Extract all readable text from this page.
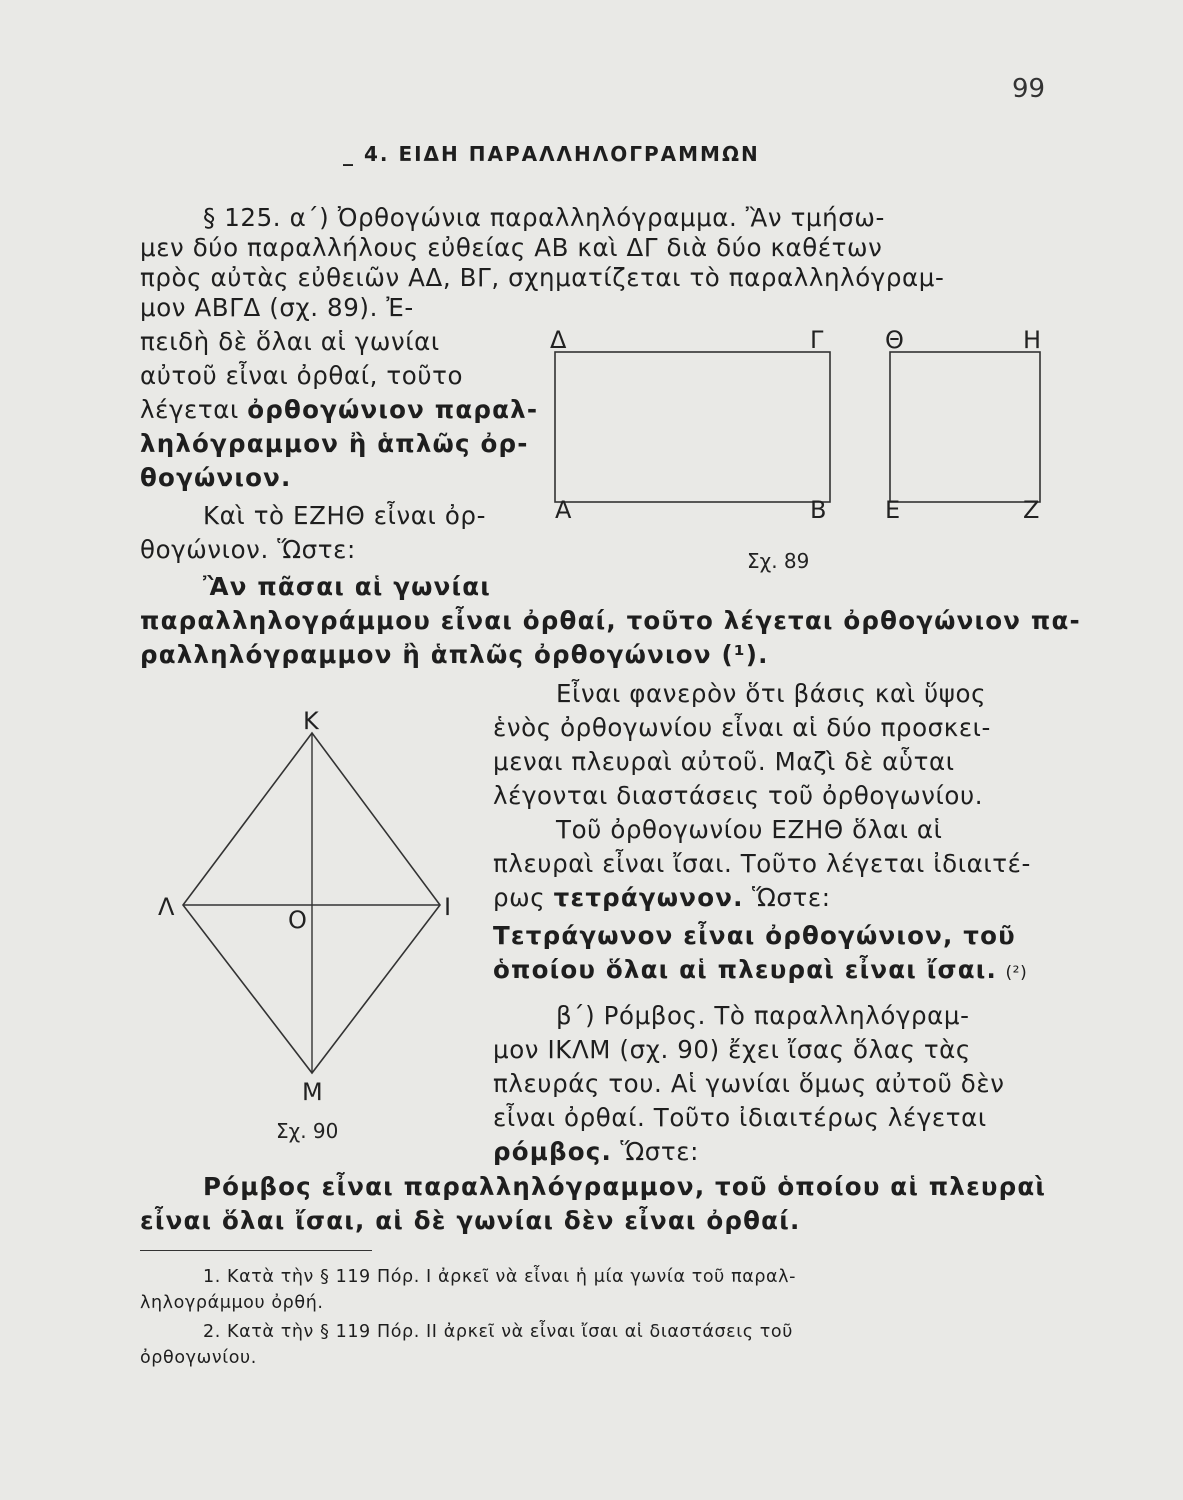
99
_ 4. ΕΙΔΗ ΠΑΡΑΛΛΗΛΟΓΡΑΜΜΩΝ
§ 125. α΄) Ὀρθογώνια παραλληλόγραμμα. Ἂν τμήσω-
μεν δύο παραλλήλους εὐθείας ΑΒ καὶ ΔΓ διὰ δύο καθέτων
πρὸς αὐτὰς εὐθειῶν ΑΔ, ΒΓ, σχηματίζεται τὸ παραλληλόγραμ-
μον ΑΒΓΔ (σχ. 89). Ἐ-
πειδὴ δὲ ὅλαι αἱ γωνίαι
αὐτοῦ εἶναι ὀρθαί, τοῦτο
λέγεται ὀρθογώνιον παραλ-
ληλόγραμμον ἢ ἁπλῶς ὀρ-
θογώνιον.
Καὶ τὸ ΕΖΗΘ εἶναι ὀρ-
θογώνιον. Ὥστε:
Ἂν πᾶσαι αἱ γωνίαι
παραλληλογράμμου εἶναι ὀρθαί, τοῦτο λέγεται ὀρθογώνιον πα-
ραλληλόγραμμον ἢ ἁπλῶς ὀρθογώνιον (¹).
Δ	Γ	Θ	Η
Α	Β Ε	Ζ
Σχ. 89
Εἶναι φανερὸν ὅτι βάσις καὶ ὕψος
ἑνὸς ὀρθογωνίου εἶναι αἱ δύο προσκει-
μεναι πλευραὶ αὐτοῦ. Μαζὶ δὲ αὗται
λέγονται διαστάσεις τοῦ ὀρθογωνίου.
Τοῦ ὀρθογωνίου ΕΖΗΘ ὅλαι αἱ
πλευραὶ εἶναι ἴσαι. Τοῦτο λέγεται ἰδιαιτέ-
ρως τετράγωνον. Ὥστε:
Τετράγωνον εἶναι ὀρθογώνιον, τοῦ
ὁποίου ὅλαι αἱ πλευραὶ εἶναι ἴσαι. (²)
β΄) Ρόμβος. Τὸ παραλληλόγραμ-
μον ΙΚΛΜ (σχ. 90) ἔχει ἴσας ὅλας τὰς
πλευράς του. Αἱ γωνίαι ὅμως αὐτοῦ δὲν
εἶναι ὀρθαί. Τοῦτο ἰδιαιτέρως λέγεται
ρόμβος. Ὥστε:
Κ
Λ	Ο	Ι
Μ
Σχ. 90
Ρόμβος εἶναι παραλληλόγραμμον, τοῦ ὁποίου αἱ πλευραὶ
εἶναι ὅλαι ἴσαι, αἱ δὲ γωνίαι δὲν εἶναι ὀρθαί.
1. Κατὰ τὴν § 119 Πόρ. I ἀρκεῖ νὰ εἶναι ἡ μία γωνία τοῦ παραλ-
ληλογράμμου ὀρθή.
2. Κατὰ τὴν § 119 Πόρ. II ἀρκεῖ νὰ εἶναι ἴσαι αἱ διαστάσεις τοῦ
ὀρθογωνίου.
